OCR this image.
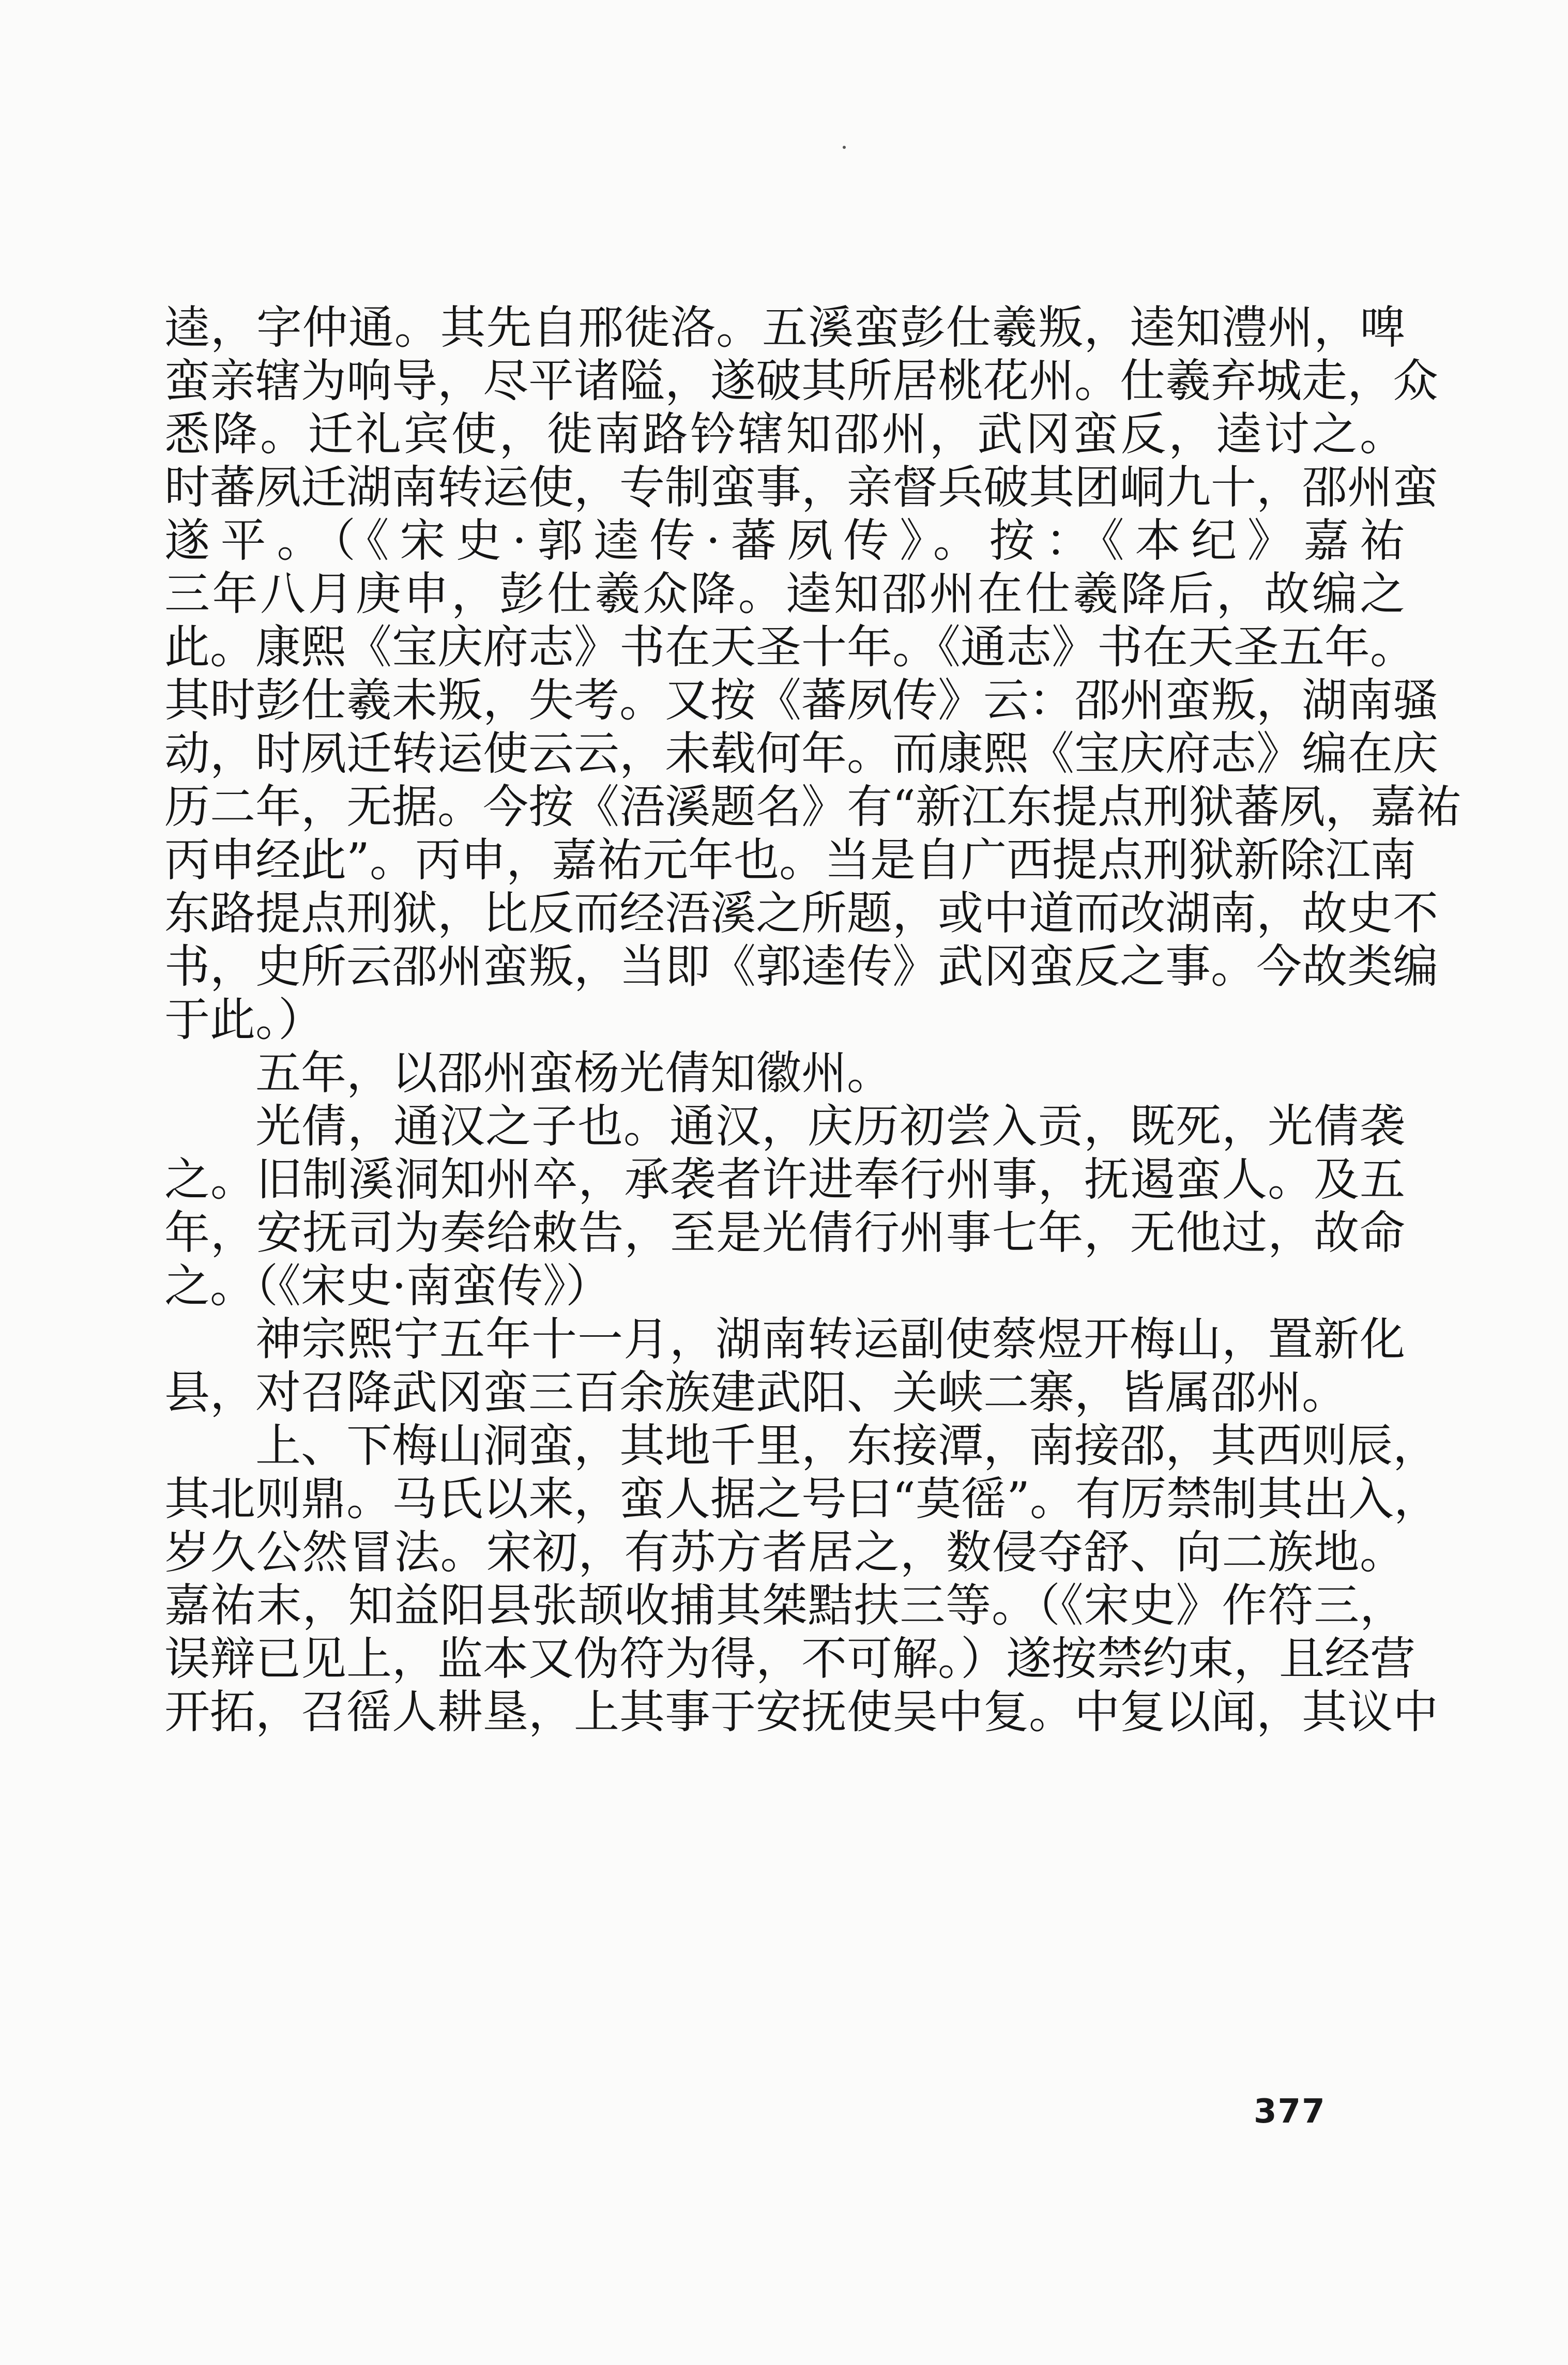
逵，字仲通。其先自邢徙洛。五溪蛮彭仕羲叛，逵知澧州，啤
蛮亲辖为响导，尽平诸隘，遂破其所居桃花州。仕羲弃城走，众
悉降。迁礼宾使，徙南路钤辖知邵州，武冈蛮反，逵讨之。
时蕃夙迁湖南转运使，专制蛮事，亲督兵破其团峒九十，邵州蛮
遂平。（《宋史·郭逵传·蕃夙传》。按：《本纪》嘉祐
三年八月庚申，彭仕羲众降。逵知邵州在仕羲降后，故编之
此。康熙《宝庆府志》书在天圣十年。《通志》书在天圣五年。
其时彭仕羲未叛，失考。又按《蕃夙传》云：邵州蛮叛，湖南骚
动，时夙迁转运使云云，未载何年。而康熙《宝庆府志》编在庆
历二年，无据。今按《浯溪题名》有“新江东提点刑狱蕃夙，嘉祐
丙申经此”。丙申，嘉祐元年也。当是自广西提点刑狱新除江南
东路提点刑狱，比反而经浯溪之所题，或中道而改湖南，故史不
书，史所云邵州蛮叛，当即《郭逵传》武冈蛮反之事。今故类编
于此。）
五年，以邵州蛮杨光倩知徽州。
光倩，通汉之子也。通汉，庆历初尝入贡，既死，光倩袭
之。旧制溪洞知州卒，承袭者许进奉行州事，抚遏蛮人。及五
年，安抚司为奏给敕告，至是光倩行州事七年，无他过，故命
之。（《宋史·南蛮传》）
神宗熙宁五年十一月，湖南转运副使蔡煜开梅山，置新化
县，对召降武冈蛮三百余族建武阳、关峡二寨，皆属邵州。
上、下梅山洞蛮，其地千里，东接潭，南接邵，其西则辰，
其北则鼎。马氏以来，蛮人据之号曰“莫徭”。有厉禁制其出入，
岁久公然冒法。宋初，有苏方者居之，数侵夺舒、向二族地。
嘉祐末，知益阳县张颉收捕其桀黠扶三等。（《宋史》作符三，
误辩已见上，监本又伪符为得，不可解。）遂按禁约束，且经营
开拓，召徭人耕垦，上其事于安抚使吴中复。中复以闻，其议中
377
